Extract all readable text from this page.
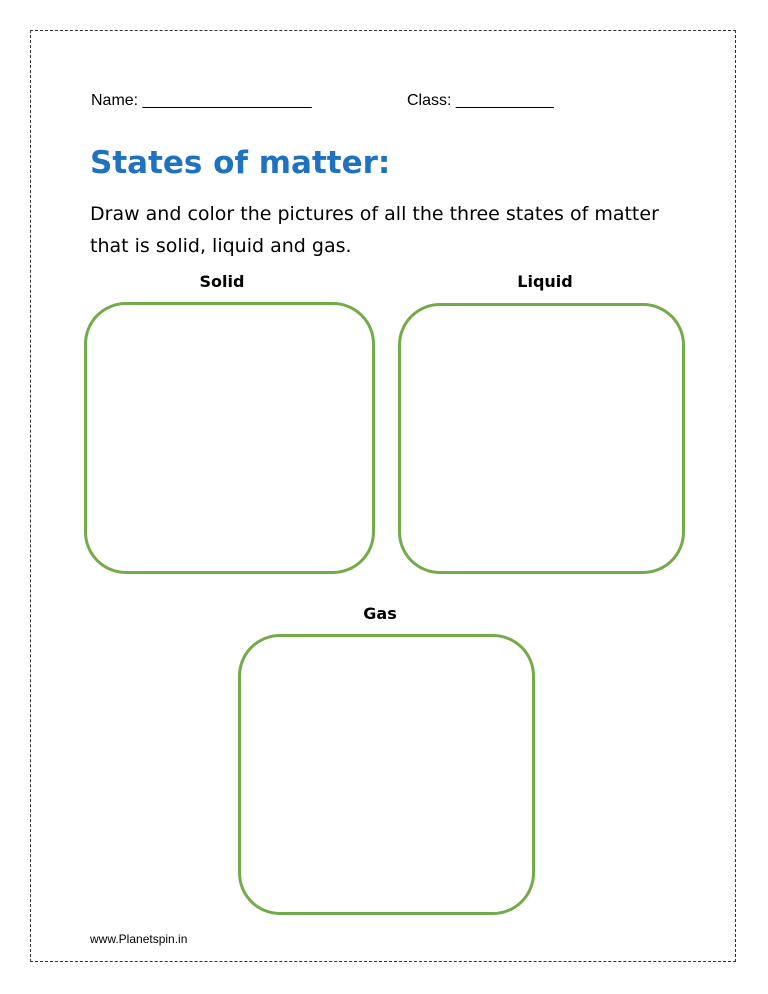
Name: ___________________	Class: ___________
States of matter:

Draw and color the pictures of all the three states of matter that is solid, liquid and gas.

Solid	Liquid
Gas
www.Planetspin.in
